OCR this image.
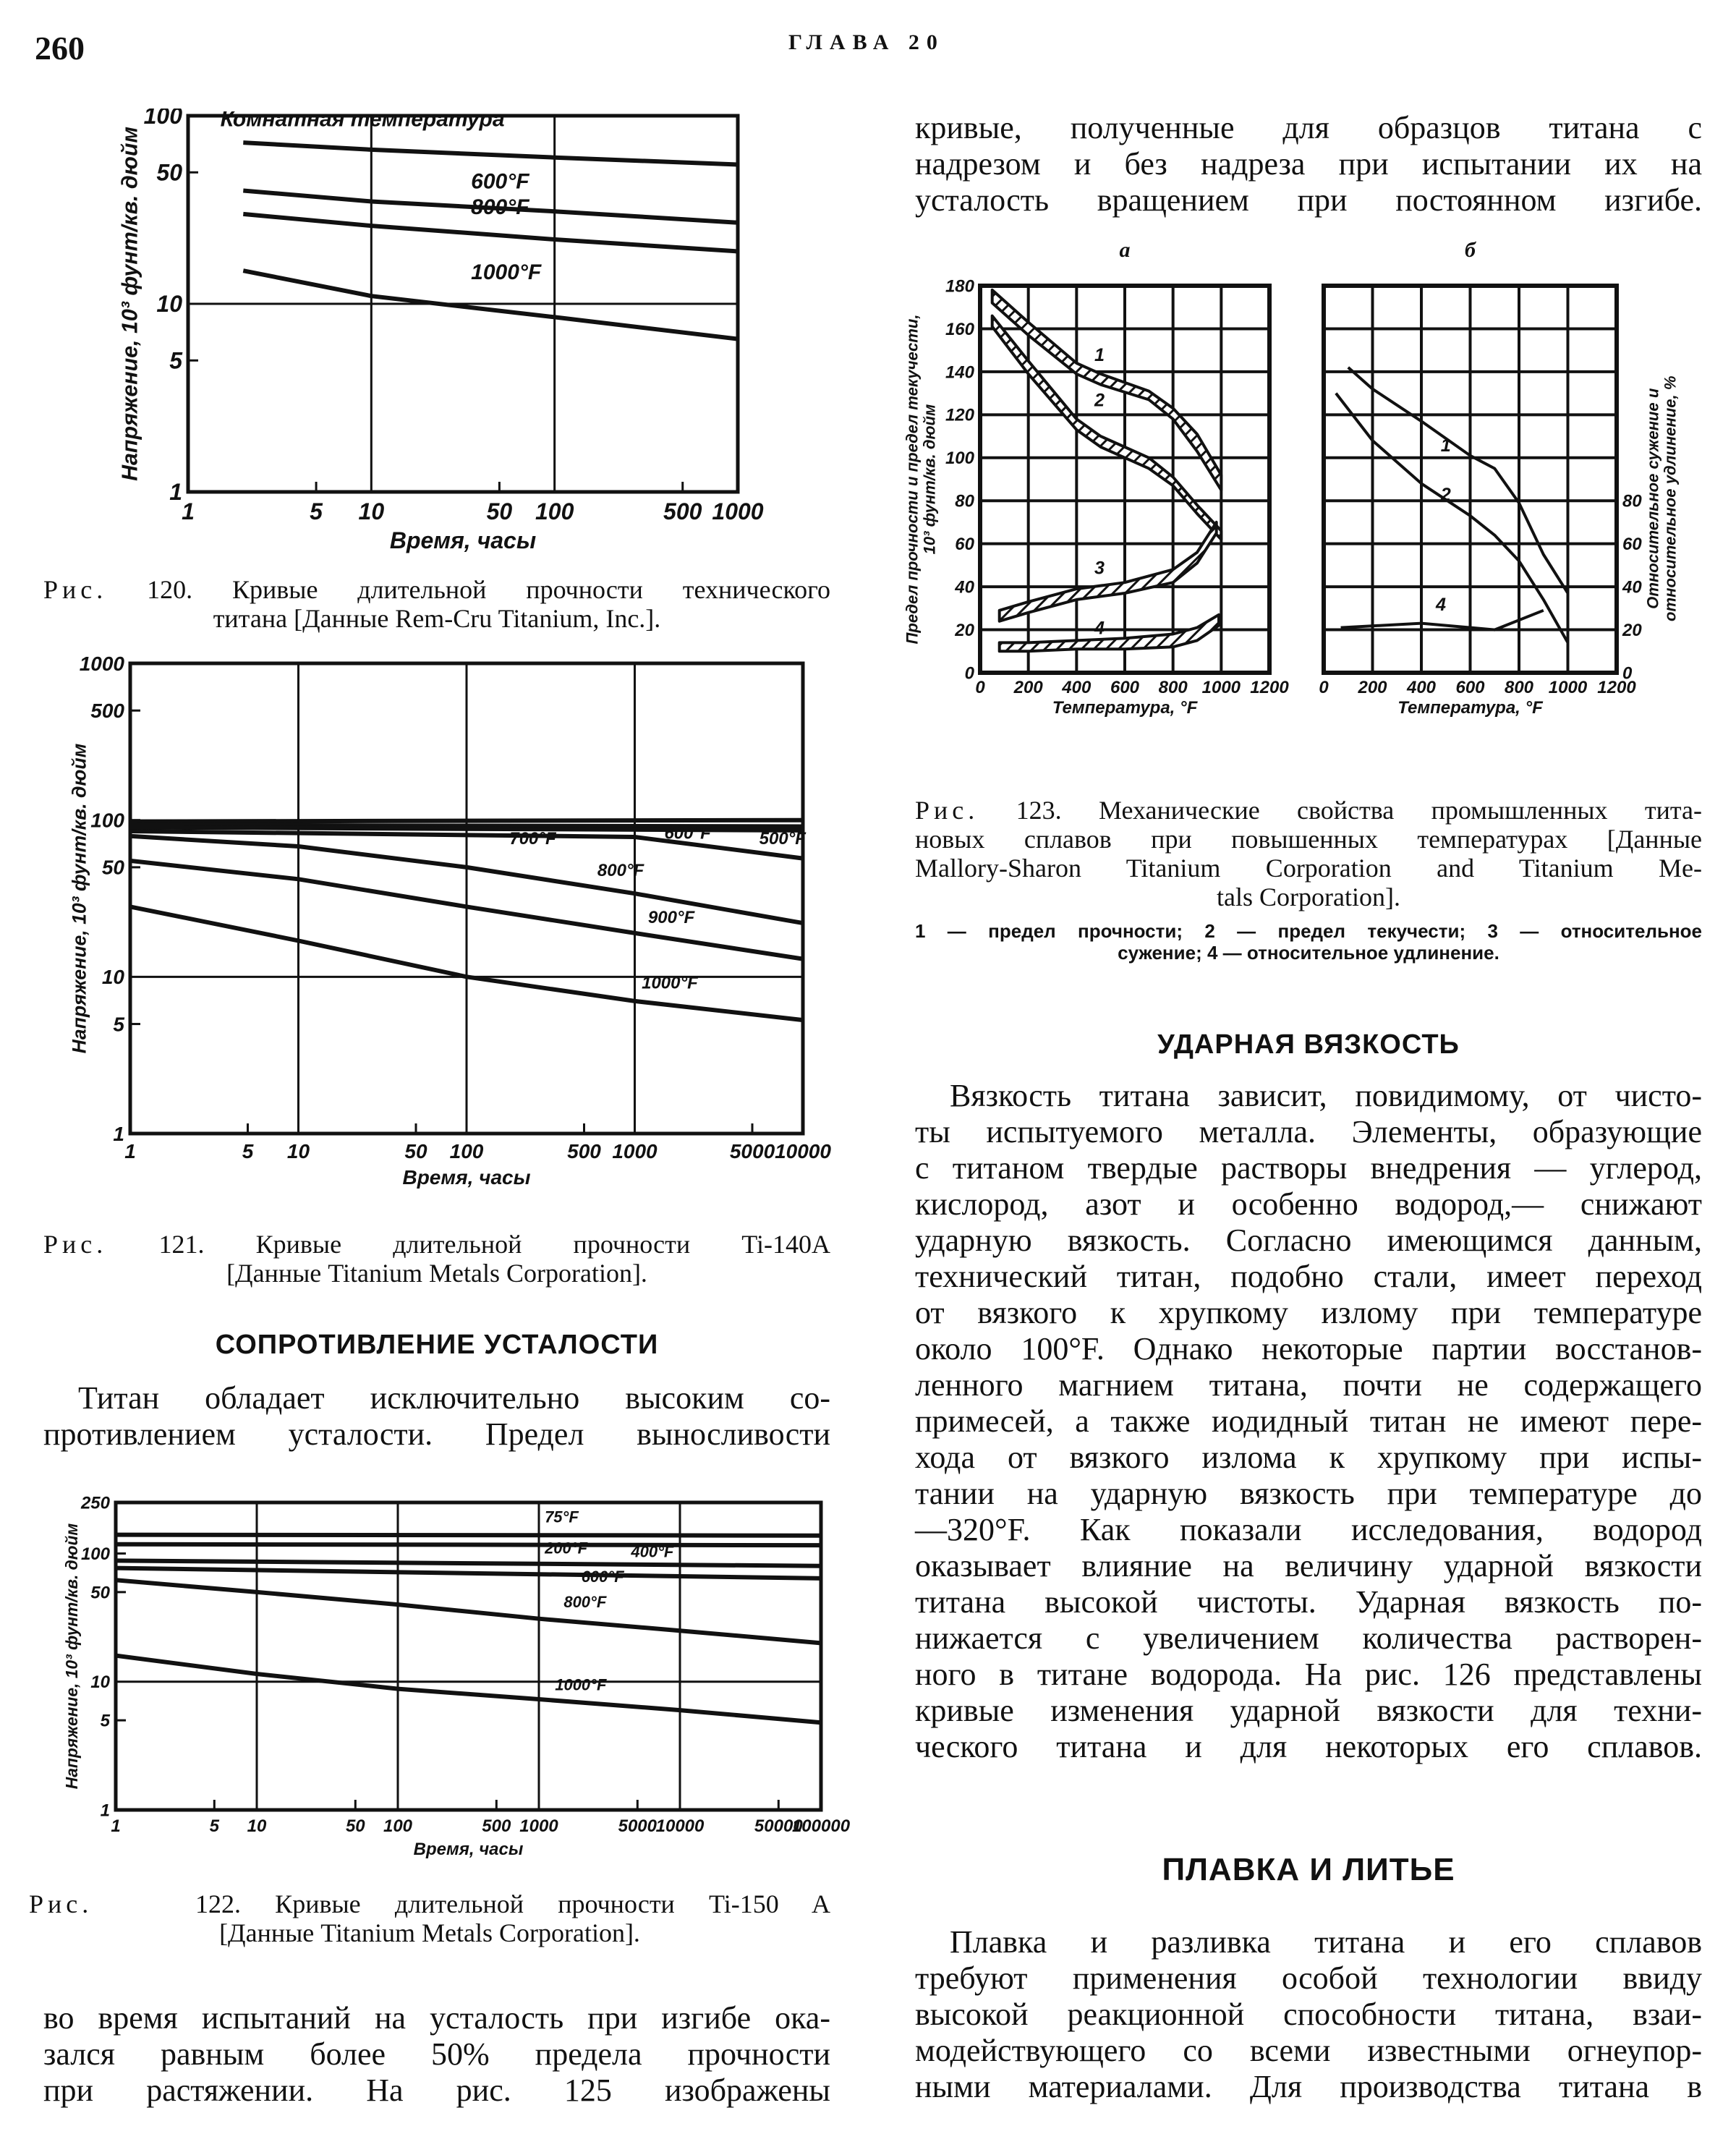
260	ГЛАВА 20
1	5 10	50 100	500 1000
1
5
10
50
100
Время, часы
Напряжение, 10³ фунт/кв. дюйм
Комнатная температура
600°F
800°F
1000°F
Рис. 120. Кривые длительной прочности технического
титана [Данные Rem-Cru Titanium, Inc.].
1	5 10	50 100	500 1000	5000 10000
1
5
10
50
100
500
1000
Время, часы
Напряжение, 10³ фунт/кв. дюйм	500°F
600°F
700°F
800°F
900°F
1000°F
Рис. 121. Кривые длительной прочности Ti-140A
[Данные Titanium Metals Corporation].
СОПРОТИВЛЕНИЕ УСТАЛОСТИ
Титан обладает исключительно высоким со-
противлением усталости. Предел выносливости
1	5 10	50 100	500 1000	5000
10000	50000
100000
1
5
10
50
100
250
Время, часы
Напряжение, 10³ фунт/кв. дюйм
75°F
200°F	400°F
600°F
800°F
1000°F
Рис.	122. Кривые длительной прочности Ti-150 A
[Данные Titanium Metals Corporation].
во время испытаний на усталость при изгибе ока-
зался равным более 50% предела прочности
при растяжении. На рис. 125 изображены
кривые, полученные для образцов титана с
надрезом и без надреза при испытании их на
усталость вращением при постоянном изгибе.
0 200 400 600 800 1000 1200
0
20
40
60
80
100
120
140
160
180
Температура, °F
а
Предел прочности и предел текучести, 10³ фунт/кв. дюйм
1
2
3
4
0 200 400 600 800 1000 1200
0
20
40
60
80
Температура, °F
б
Относительное сужение и относительное удлинение, %
1
2
4
Рис. 123. Механические свойства промышленных тита-
новых сплавов при повышенных температурах [Данные
Mallory-Sharon Titanium Corporation and Titanium Me-
tals Corporation].
1 — предел прочности; 2 — предел текучести; 3 — относительное
сужение; 4 — относительное удлинение.
УДАРНАЯ ВЯЗКОСТЬ
Вязкость титана зависит, повидимому, от чисто-
ты испытуемого металла. Элементы, образующие
с титаном твердые растворы внедрения — углерод,
кислород, азот и особенно водород,— снижают
ударную вязкость. Согласно имеющимся данным,
технический титан, подобно стали, имеет переход
от вязкого к хрупкому излому при температуре
около 100°F. Однако некоторые партии восстанов-
ленного магнием титана, почти не содержащего
примесей, а также иодидный титан не имеют пере-
хода от вязкого излома к хрупкому при испы-
тании на ударную вязкость при температуре до
—320°F. Как показали исследования, водород
оказывает влияние на величину ударной вязкости
титана высокой чистоты. Ударная вязкость по-
нижается с увеличением количества растворен-
ного в титане водорода. На рис. 126 представлены
кривые изменения ударной вязкости для техни-
ческого титана и для некоторых его сплавов.
ПЛАВКА И ЛИТЬЕ
Плавка и разливка титана и его сплавов
требуют применения особой технологии ввиду
высокой реакционной способности титана, взаи-
модействующего со всеми известными огнеупор-
ными материалами. Для производства титана в
